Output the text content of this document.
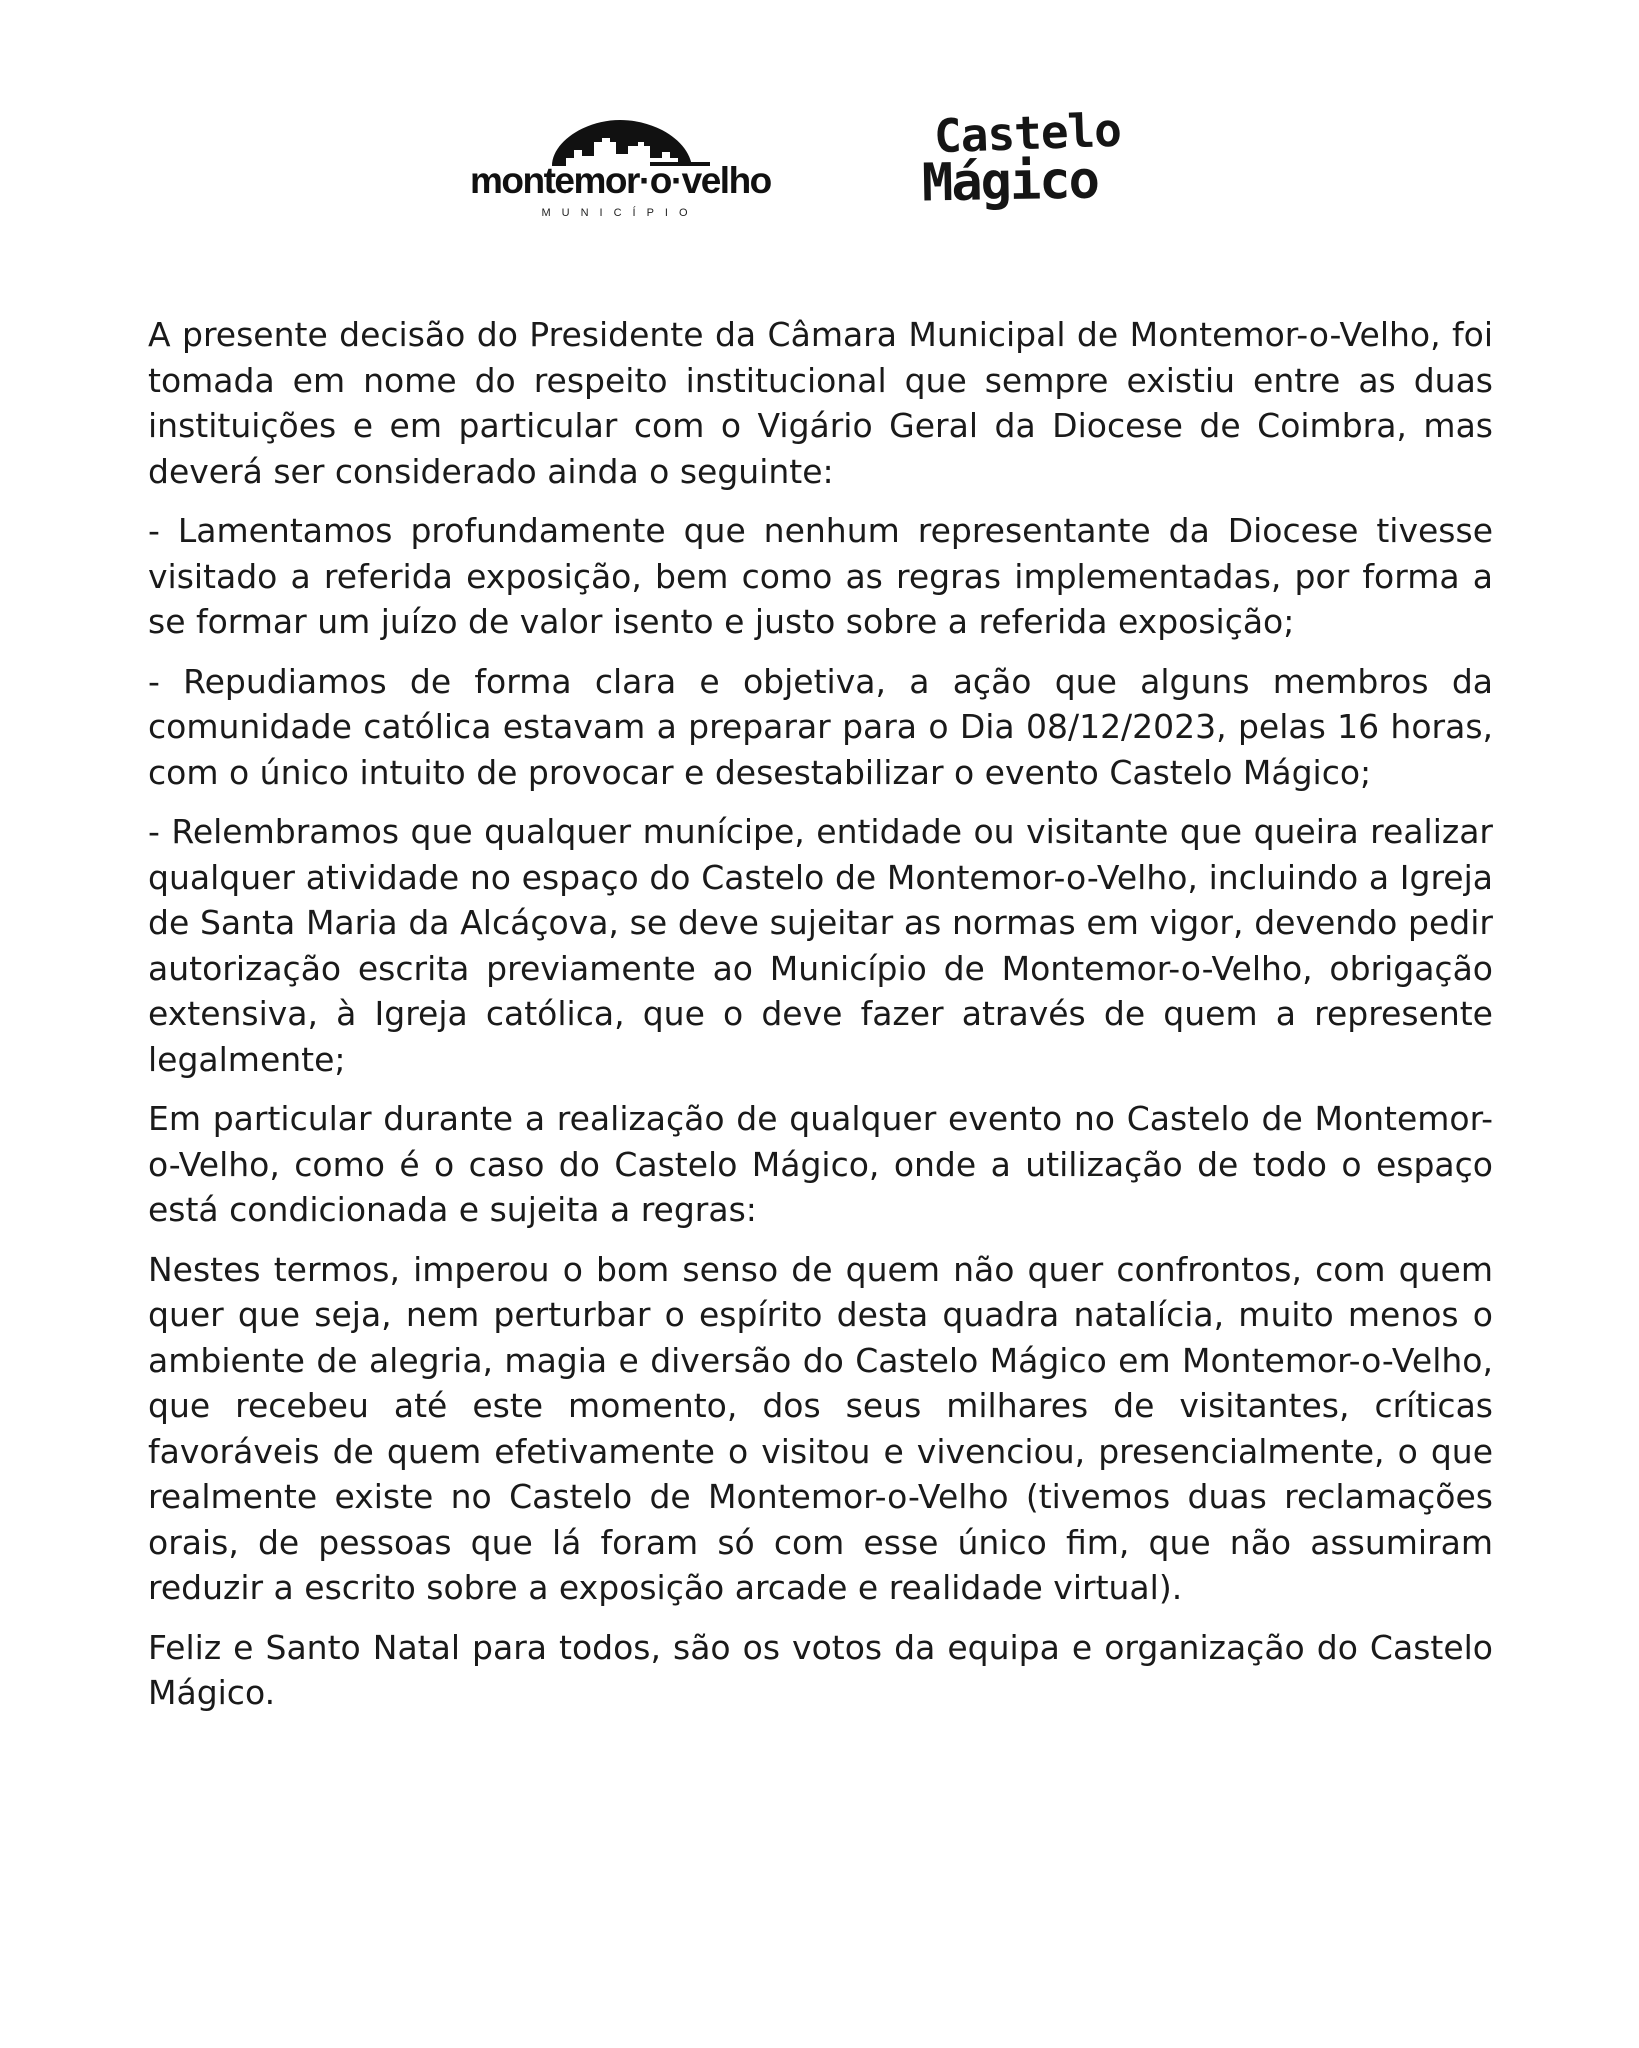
montemor·o·velho
MUNICÍPIO
Castelo
Mágico

A presente decisão do Presidente da Câmara Municipal de Montemor-o-Velho, foi tomada em nome do respeito institucional que sempre existiu entre as duas instituições e em particular com o Vigário Geral da Diocese de Coimbra, mas deverá ser considerado ainda o seguinte:

- Lamentamos profundamente que nenhum representante da Diocese tivesse visitado a referida exposição, bem como as regras implementadas, por forma a se formar um juízo de valor isento e justo sobre a referida exposição;

- Repudiamos de forma clara e objetiva, a ação que alguns membros da comunidade católica estavam a preparar para o Dia 08/12/2023, pelas 16 horas, com o único intuito de provocar e desestabilizar o evento Castelo Mágico;

- Relembramos que qualquer munícipe, entidade ou visitante que queira realizar qualquer atividade no espaço do Castelo de Montemor-o-Velho, incluindo a Igreja de Santa Maria da Alcáçova, se deve sujeitar as normas em vigor, devendo pedir autorização escrita previamente ao Município de Montemor-o-Velho, obrigação extensiva, à Igreja católica, que o deve fazer através de quem a represente legalmente;

Em particular durante a realização de qualquer evento no Castelo de Montemor-o-Velho, como é o caso do Castelo Mágico, onde a utilização de todo o espaço está condicionada e sujeita a regras:

Nestes termos, imperou o bom senso de quem não quer confrontos, com quem quer que seja, nem perturbar o espírito desta quadra natalícia, muito menos o ambiente de alegria, magia e diversão do Castelo Mágico em Montemor-o-Velho, que recebeu até este momento, dos seus milhares de visitantes, críticas favoráveis de quem efetivamente o visitou e vivenciou, presencialmente, o que realmente existe no Castelo de Montemor-o-Velho (tivemos duas reclamações orais, de pessoas que lá foram só com esse único fim, que não assumiram reduzir a escrito sobre a exposição arcade e realidade virtual).

Feliz e Santo Natal para todos, são os votos da equipa e organização do Castelo Mágico.
